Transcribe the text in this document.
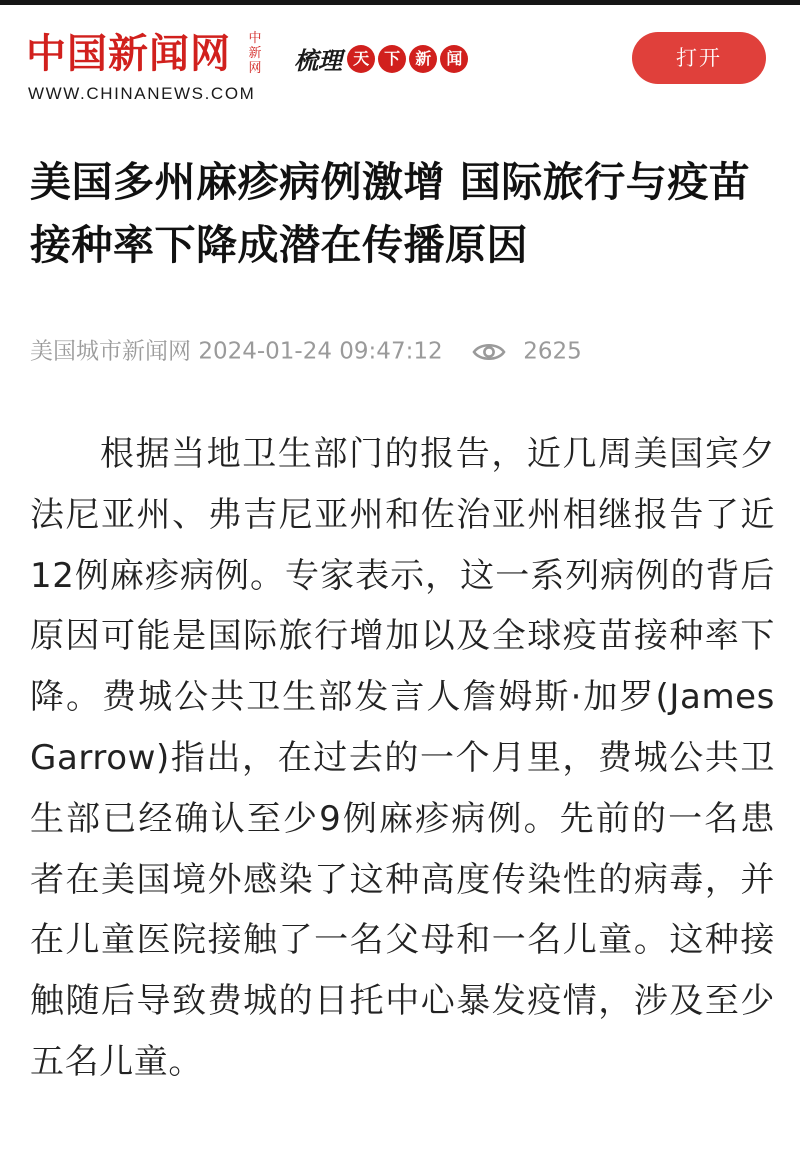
中国新闻网 中新网
WWW.CHINANEWS.COM
梳理 天 下 新 闻	打开
美国多州麻疹病例激增 国际旅行与疫苗接种率下降成潜在传播原因
美国城市新闻网 2024-01-24 09:47:12	2625

根据当地卫生部门的报告，近几周美国宾夕法尼亚州、弗吉尼亚州和佐治亚州相继报告了近12例麻疹病例。专家表示，这一系列病例的背后原因可能是国际旅行增加以及全球疫苗接种率下降。费城公共卫生部发言人詹姆斯·加罗(James Garrow)指出，在过去的一个月里，费城公共卫生部已经确认至少9例麻疹病例。先前的一名患者在美国境外感染了这种高度传染性的病毒，并在儿童医院接触了一名父母和一名儿童。这种接触随后导致费城的日托中心暴发疫情，涉及至少五名儿童。
